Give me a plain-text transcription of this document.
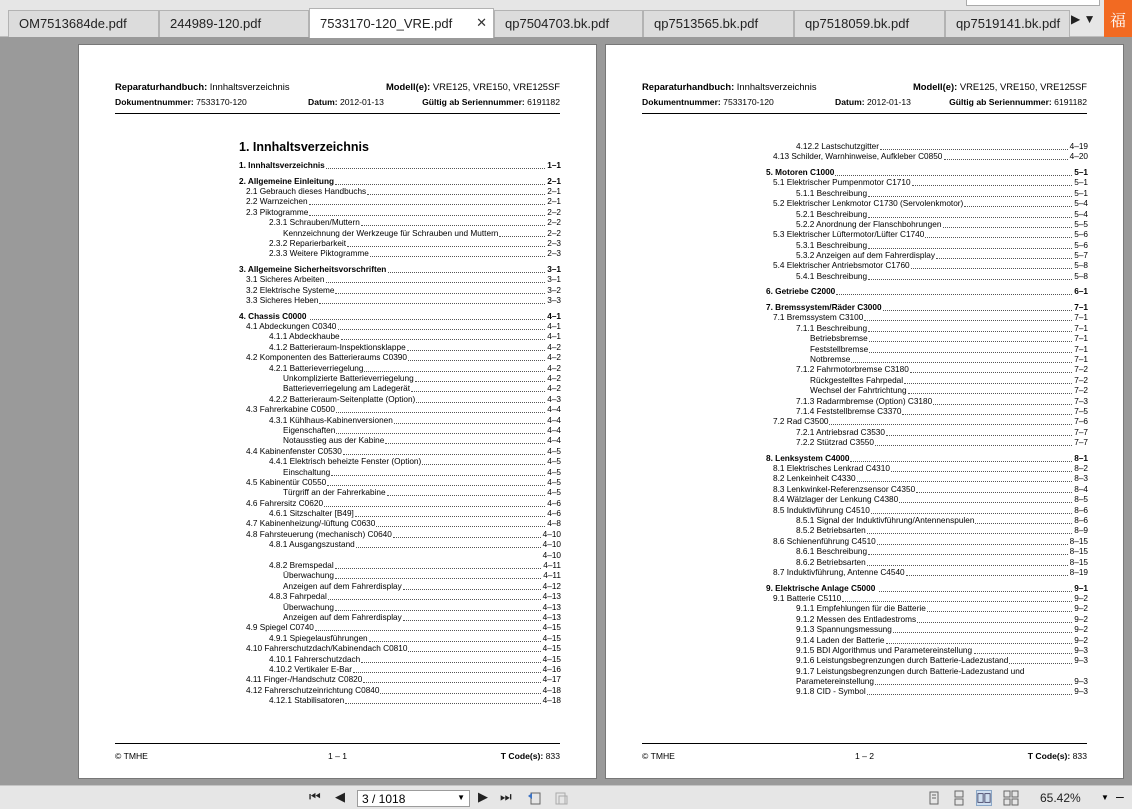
OM7513684de.pdf	244989-120.pdf	7533170-120_VRE.pdf ✕	qp7504703.bk.pdf	qp7513565.bk.pdf	qp7518059.bk.pdf	qp7519141.bk.pdf ▶ ▼ 福
Reparaturhandbuch: Innhaltsverzeichnis	Modell(e): VRE125, VRE150, VRE125SF
Dokumentnummer: 7533170-120	Datum: 2012-01-13	Gültig ab Seriennummer: 6191182
1. Innhaltsverzeichnis
1. Innhaltsverzeichnis	1–1
2. Allgemeine Einleitung	2–1
2.1 Gebrauch dieses Handbuchs	2–1
2.2 Warnzeichen	2–1
2.3 Piktogramme	2–2
2.3.1 Schrauben/Muttern	2–2
Kennzeichnung der Werkzeuge für Schrauben und Muttern	2–2
2.3.2 Reparierbarkeit	2–3
2.3.3 Weitere Piktogramme	2–3
3. Allgemeine Sicherheitsvorschriften	3–1
3.1 Sicheres Arbeiten	3–1
3.2 Elektrische Systeme	3–2
3.3 Sicheres Heben	3–3
4. Chassis C0000	4–1
4.1 Abdeckungen C0340	4–1
4.1.1 Abdeckhaube	4–1
4.1.2 Batterieraum-Inspektionsklappe	4–2
4.2 Komponenten des Batterieraums C0390	4–2
4.2.1 Batterieverriegelung	4–2
Unkomplizierte Batterieverriegelung	4–2
Batterieverriegelung am Ladegerät	4–2
4.2.2 Batterieraum-Seitenplatte (Option)	4–3
4.3 Fahrerkabine C0500	4–4
4.3.1 Kühlhaus-Kabinenversionen	4–4
Eigenschaften	4–4
Notausstieg aus der Kabine	4–4
4.4 Kabinenfenster C0530	4–5
4.4.1 Elektrisch beheizte Fenster (Option)	4–5
Einschaltung	4–5
4.5 Kabinentür C0550	4–5
Türgriff an der Fahrerkabine	4–5
4.6 Fahrersitz C0620	4–6
4.6.1 Sitzschalter [B49]	4–6
4.7 Kabinenheizung/-lüftung C0630	4–8
4.8 Fahrsteuerung (mechanisch) C0640	4–10
4.8.1 Ausgangszustand	4–10
4–10
4.8.2 Bremspedal	4–11
Überwachung	4–11
Anzeigen auf dem Fahrerdisplay	4–12
4.8.3 Fahrpedal	4–13
Überwachung	4–13
Anzeigen auf dem Fahrerdisplay	4–13
4.9 Spiegel C0740	4–15
4.9.1 Spiegelausführungen	4–15
4.10 Fahrerschutzdach/Kabinendach C0810	4–15
4.10.1 Fahrerschutzdach	4–15
4.10.2 Vertikaler E-Bar	4–16
4.11 Finger-/Handschutz C0820	4–17
4.12 Fahrerschutzeinrichtung C0840	4–18
4.12.1 Stabilisatoren	4–18
© TMHE	1 – 1	T Code(s): 833
Reparaturhandbuch: Innhaltsverzeichnis	Modell(e): VRE125, VRE150, VRE125SF
Dokumentnummer: 7533170-120	Datum: 2012-01-13	Gültig ab Seriennummer: 6191182
4.12.2 Lastschutzgitter	4–19
4.13 Schilder, Warnhinweise, Aufkleber C0850	4–20
5. Motoren C1000	5–1
5.1 Elektrischer Pumpenmotor C1710	5–1
5.1.1 Beschreibung	5–1
5.2 Elektrischer Lenkmotor C1730 (Servolenkmotor)	5–4
5.2.1 Beschreibung	5–4
5.2.2 Anordnung der Flanschbohrungen	5–5
5.3 Elektrischer Lüftermotor/Lüfter C1740	5–6
5.3.1 Beschreibung	5–6
5.3.2 Anzeigen auf dem Fahrerdisplay	5–7
5.4 Elektrischer Antriebsmotor C1760	5–8
5.4.1 Beschreibung	5–8
6. Getriebe C2000	6–1
7. Bremssystem/Räder C3000	7–1
7.1 Bremssystem C3100	7–1
7.1.1 Beschreibung	7–1
Betriebsbremse	7–1
Feststellbremse	7–1
Notbremse	7–1
7.1.2 Fahrmotorbremse C3180	7–2
Rückgestelltes Fahrpedal	7–2
Wechsel der Fahrtrichtung	7–2
7.1.3 Radarmbremse (Option) C3180	7–3
7.1.4 Feststellbremse C3370	7–5
7.2 Rad C3500	7–6
7.2.1 Antriebsrad C3530	7–7
7.2.2 Stützrad C3550	7–7
8. Lenksystem C4000	8–1
8.1 Elektrisches Lenkrad C4310	8–2
8.2 Lenkeinheit C4330	8–3
8.3 Lenkwinkel-Referenzsensor C4350	8–4
8.4 Wälzlager der Lenkung C4380	8–5
8.5 Induktivführung C4510	8–6
8.5.1 Signal der Induktivführung/Antennenspulen	8–6
8.5.2 Betriebsarten	8–9
8.6 Schienenführung C4510	8–15
8.6.1 Beschreibung	8–15
8.6.2 Betriebsarten	8–15
8.7 Induktivführung, Antenne C4540	8–19
9. Elektrische Anlage C5000	9–1
9.1 Batterie C5110	9–2
9.1.1 Empfehlungen für die Batterie	9–2
9.1.2 Messen des Entladestroms	9–2
9.1.3 Spannungsmessung	9–2
9.1.4 Laden der Batterie	9–2
9.1.5 BDI Algorithmus und Parametereinstellung	9–3
9.1.6 Leistungsbegrenzungen durch Batterie-Ladezustand	9–3
9.1.7 Leistungsbegrenzungen durch Batterie-Ladezustand und
Parametereinstellung	9–3
9.1.8 CID - Symbol	9–3
© TMHE	1 – 2	T Code(s): 833
⏮ ◀	3 / 1018	▼ ▶ ⏭	65.42%	▼ –
